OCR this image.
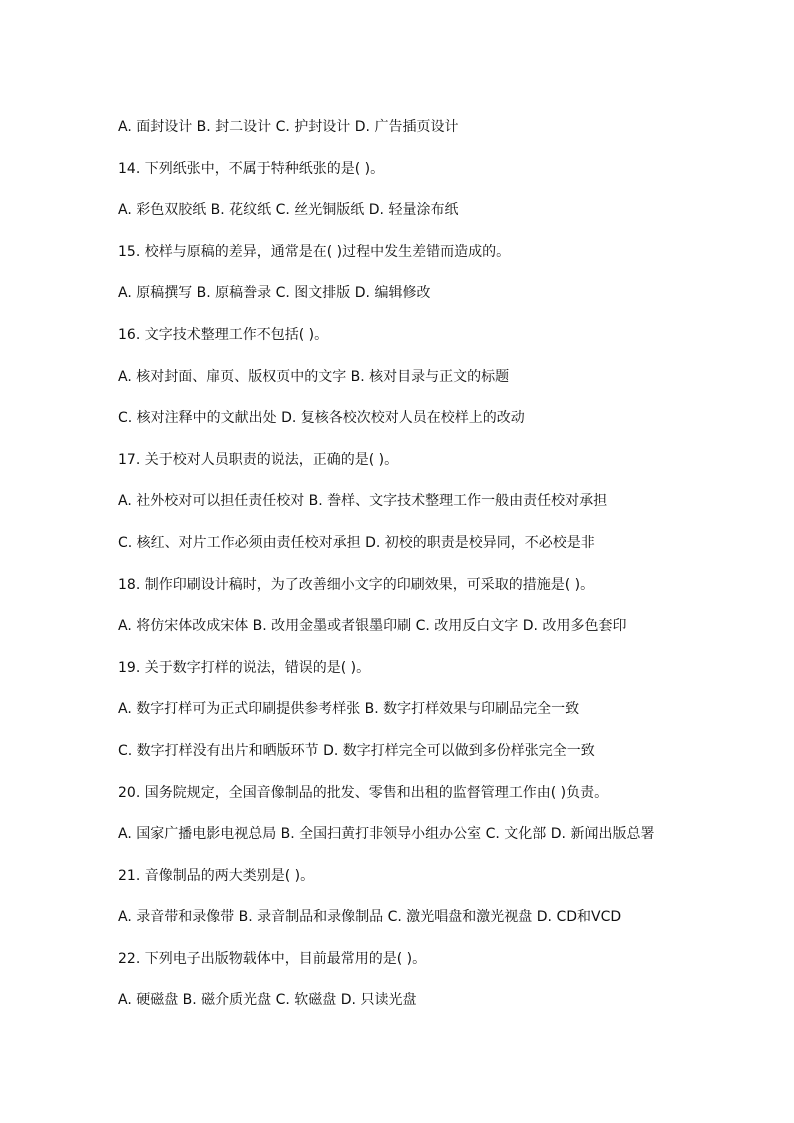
A. 面封设计 B. 封二设计 C. 护封设计 D. 广告插页设计
14. 下列纸张中，不属于特种纸张的是( )。
A. 彩色双胶纸 B. 花纹纸 C. 丝光铜版纸 D. 轻量涂布纸
15. 校样与原稿的差异，通常是在( )过程中发生差错而造成的。
A. 原稿撰写 B. 原稿誊录 C. 图文排版 D. 编辑修改
16. 文字技术整理工作不包括( )。
A. 核对封面、扉页、版权页中的文字 B. 核对目录与正文的标题
C. 核对注释中的文献出处 D. 复核各校次校对人员在校样上的改动
17. 关于校对人员职责的说法，正确的是( )。
A. 社外校对可以担任责任校对 B. 誊样、文字技术整理工作一般由责任校对承担
C. 核红、对片工作必须由责任校对承担 D. 初校的职责是校异同，不必校是非
18. 制作印刷设计稿时，为了改善细小文字的印刷效果，可采取的措施是( )。
A. 将仿宋体改成宋体 B. 改用金墨或者银墨印刷 C. 改用反白文字 D. 改用多色套印
19. 关于数字打样的说法，错误的是( )。
A. 数字打样可为正式印刷提供参考样张 B. 数字打样效果与印刷品完全一致
C. 数字打样没有出片和晒版环节 D. 数字打样完全可以做到多份样张完全一致
20. 国务院规定，全国音像制品的批发、零售和出租的监督管理工作由( )负责。
A. 国家广播电影电视总局 B. 全国扫黄打非领导小组办公室 C. 文化部 D. 新闻出版总署
21. 音像制品的两大类别是( )。
A. 录音带和录像带 B. 录音制品和录像制品 C. 激光唱盘和激光视盘 D. CD和VCD
22. 下列电子出版物载体中，目前最常用的是( )。
A. 硬磁盘 B. 磁介质光盘 C. 软磁盘 D. 只读光盘
